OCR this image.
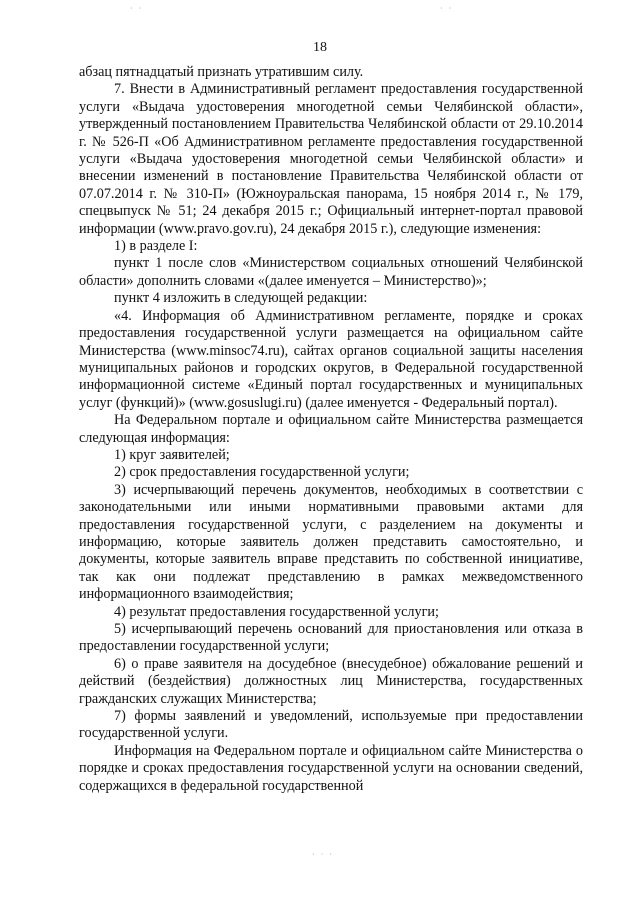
· ·	· ·
18

абзац пятнадцатый признать утратившим силу.

7. Внести в Административный регламент предоставления государственной услуги «Выдача удостоверения многодетной семьи Челябинской области», утвержденный постановлением Правительства Челябинской области от 29.10.2014 г. № 526-П «Об Административном регламенте предоставления государственной услуги «Выдача удостоверения многодетной семьи Челябинской области» и внесении изменений в постановление Правительства Челябинской области от 07.07.2014 г. № 310-П» (Южноуральская панорама, 15 ноября 2014 г., № 179, спецвыпуск № 51; 24 декабря 2015 г.; Официальный интернет-портал правовой информации (www.pravo.gov.ru), 24 декабря 2015 г.), следующие изменения:

1) в разделе I:

пункт 1 после слов «Министерством социальных отношений Челябинской области» дополнить словами «(далее именуется – Министерство)»;

пункт 4 изложить в следующей редакции:

«4. Информация об Административном регламенте, порядке и сроках предоставления государственной услуги размещается на официальном сайте Министерства (www.minsoc74.ru), сайтах органов социальной защиты населения муниципальных районов и городских округов, в Федеральной государственной информационной системе «Единый портал государственных и муниципальных услуг (функций)» (www.gosuslugi.ru) (далее именуется - Федеральный портал).

На Федеральном портале и официальном сайте Министерства размещается следующая информация:

1) круг заявителей;

2) срок предоставления государственной услуги;

3) исчерпывающий перечень документов, необходимых в соответствии с законодательными или иными нормативными правовыми актами для предоставления государственной услуги, с разделением на документы и информацию, которые заявитель должен представить самостоятельно, и документы, которые заявитель вправе представить по собственной инициативе, так как они подлежат представлению в рамках межведомственного информационного взаимодействия;

4) результат предоставления государственной услуги;

5) исчерпывающий перечень оснований для приостановления или отказа в предоставлении государственной услуги;

6) о праве заявителя на досудебное (внесудебное) обжалование решений и действий (бездействия) должностных лиц Министерства, государственных гражданских служащих Министерства;

7) формы заявлений и уведомлений, используемые при предоставлении государственной услуги.

Информация на Федеральном портале и официальном сайте Министерства о порядке и сроках предоставления государственной услуги на основании сведений, содержащихся в федеральной государственной

· · ·
